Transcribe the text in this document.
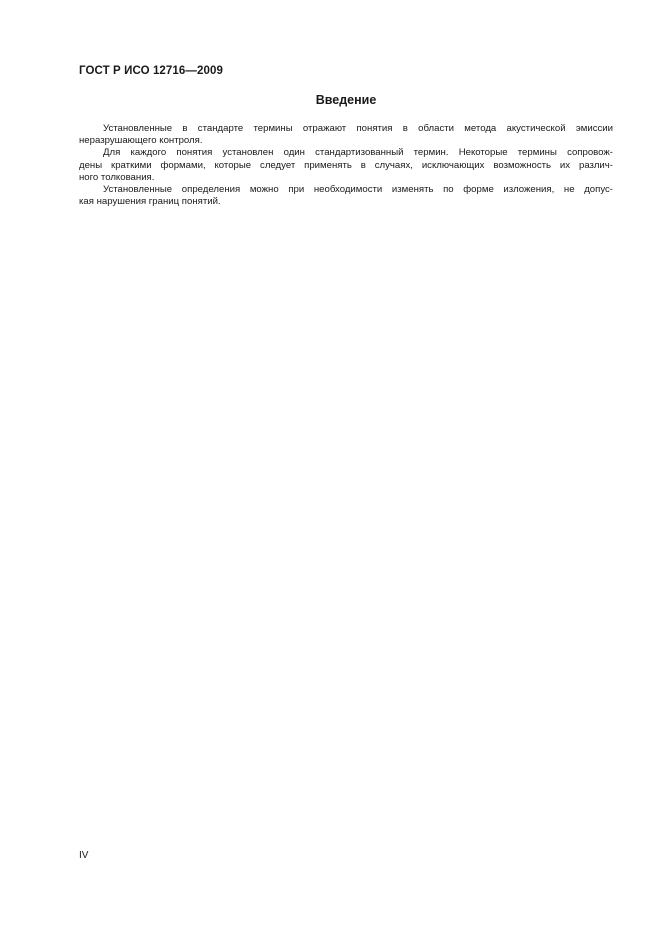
ГОСТ Р ИСО 12716—2009
Введение

Установленные в стандарте термины отражают понятия в области метода акустической эмиссии
неразрушающего контроля.

Для каждого понятия установлен один стандартизованный термин. Некоторые термины сопровож-
дены краткими формами, которые следует применять в случаях, исключающих возможность их различ-
ного толкования.

Установленные определения можно при необходимости изменять по форме изложения, не допус-
кая нарушения границ понятий.

IV
